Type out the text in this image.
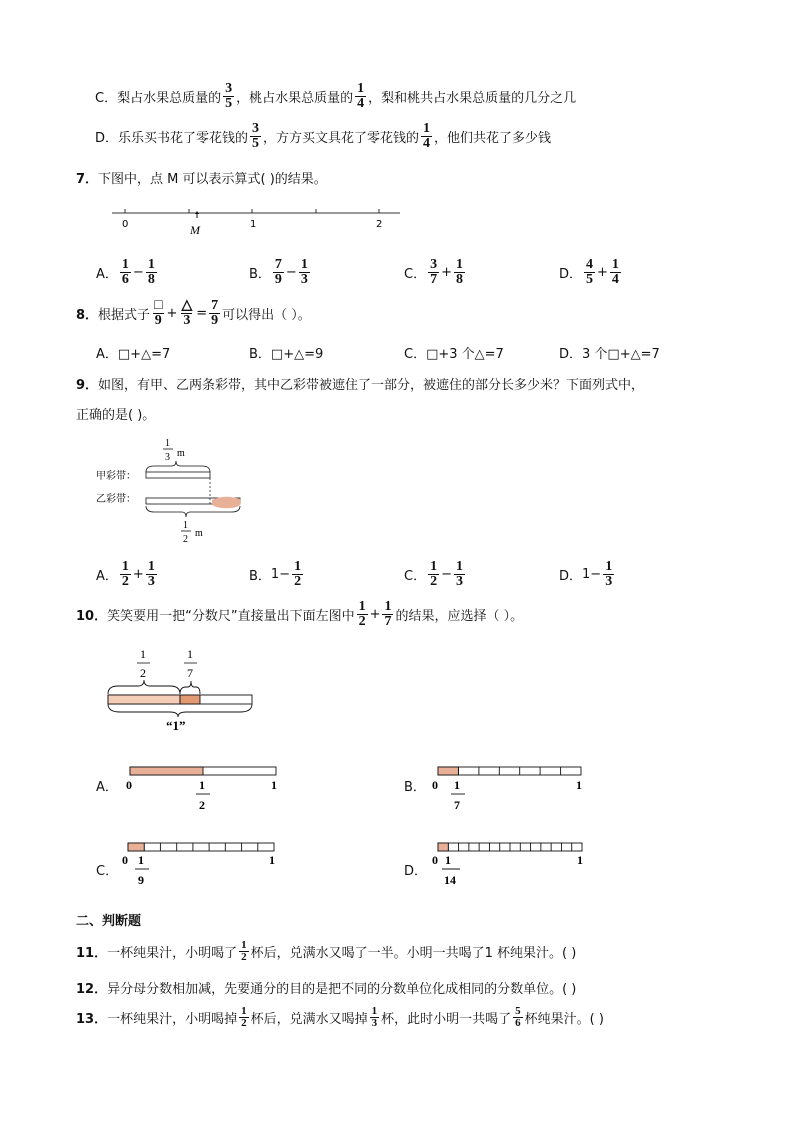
C． 梨占水果总质量的 $\frac{3}{5}$ ，桃占水果总质量的 $\frac{1}{4}$ ，梨和桃共占水果总质量的几分之几
D． 乐乐买书花了零花钱的 $\frac{3}{5}$ ，方方买文具花了零花钱的 $\frac{1}{4}$ ，他们共花了多少钱
7．下图中，点 M 可以表示算式( )的结果。
0	1	2
M
A． $\frac{1}{6} - \frac{1}{8}$	B． $\frac{7}{9} - \frac{1}{3}$	C． $\frac{3}{7} + \frac{1}{8}$	D． $\frac{4}{5} + \frac{1}{4}$
8． 根据式子 $\frac{□}{9} + \frac{\triangle}{3} = \frac{7}{9}$ 可以得出（ ）。
A．□+△=7	B．□+△=9	C．□+3 个△=7	D．3 个□+△=7
9．如图，有甲、乙两条彩带，其中乙彩带被遮住了一部分，被遮住的部分长多少米？下面列式中，
正确的是( )。
1
3 m
甲彩带：
乙彩带：
1
2
m
A． $\frac{1}{2} + \frac{1}{3}$	B． $1- \frac{1}{2}$	C． $\frac{1}{2} - \frac{1}{3}$	D． $1- \frac{1}{3}$
10． 笑笑要用一把“分数尺”直接量出下面左图中 $\frac{1}{2} + \frac{1}{7}$ 的结果，应选择（ ）。
1
2
1
7
“1”
A． 0	1
1
2
B． 0	1
1
7
C．
0	1
1
9
D．
0	1
1
14
二、判断题
11． 一杯纯果汁，小明喝了 $\frac{1}{2}$ 杯后，兑满水又喝了一半。小明一共喝了1 杯纯果汁。( )
12．异分母分数相加减，先要通分的目的是把不同的分数单位化成相同的分数单位。( )
13． 一杯纯果汁，小明喝掉 $\frac{1}{2}$ 杯后，兑满水又喝掉 $\frac{1}{3}$ 杯，此时小明一共喝了 $\frac{5}{6}$ 杯纯果汁。( )
